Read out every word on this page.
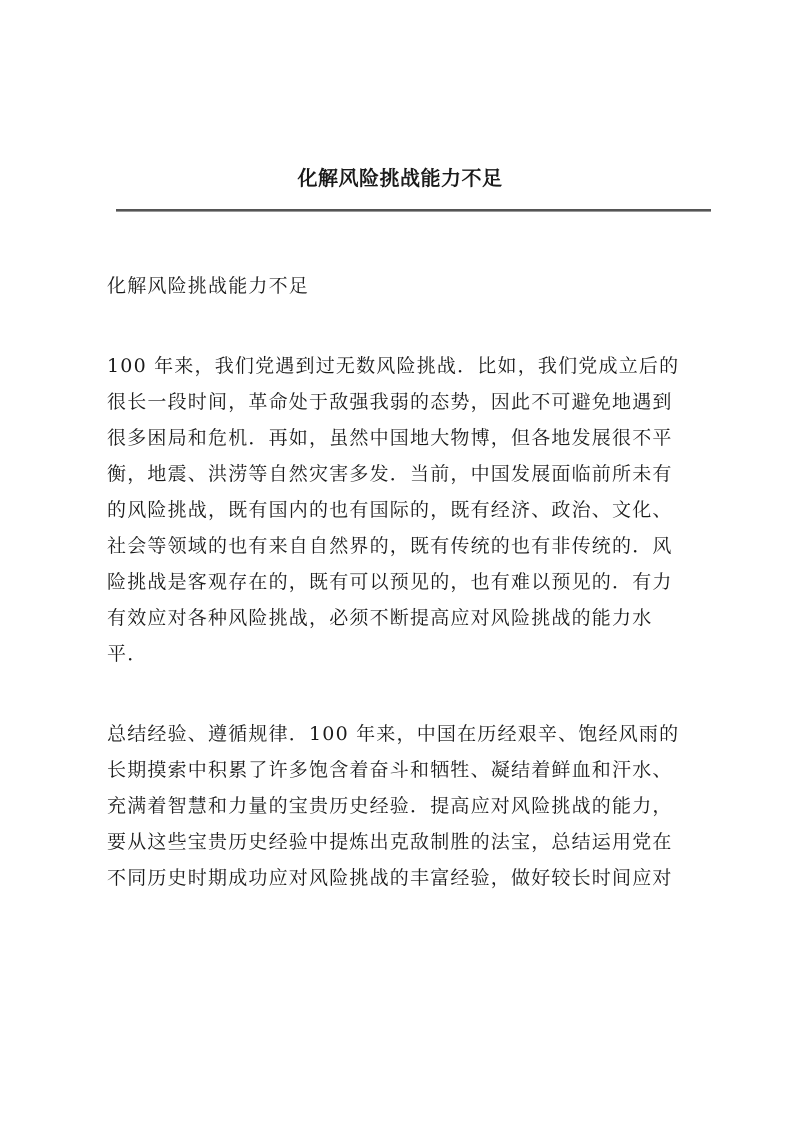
化解风险挑战能力不足

化解风险挑战能力不足

100 年来，我们党遇到过无数风险挑战．比如，我们党成立后的
很长一段时间，革命处于敌强我弱的态势，因此不可避免地遇到
很多困局和危机．再如，虽然中国地大物博，但各地发展很不平
衡，地震、洪涝等自然灾害多发．当前，中国发展面临前所未有
的风险挑战，既有国内的也有国际的，既有经济、政治、文化、
社会等领域的也有来自自然界的，既有传统的也有非传统的．风
险挑战是客观存在的，既有可以预见的，也有难以预见的．有力
有效应对各种风险挑战，必须不断提高应对风险挑战的能力水
平．

总结经验、遵循规律．100 年来，中国在历经艰辛、饱经风雨的
长期摸索中积累了许多饱含着奋斗和牺牲、凝结着鲜血和汗水、
充满着智慧和力量的宝贵历史经验．提高应对风险挑战的能力，
要从这些宝贵历史经验中提炼出克敌制胜的法宝，总结运用党在
不同历史时期成功应对风险挑战的丰富经验，做好较长时间应对
